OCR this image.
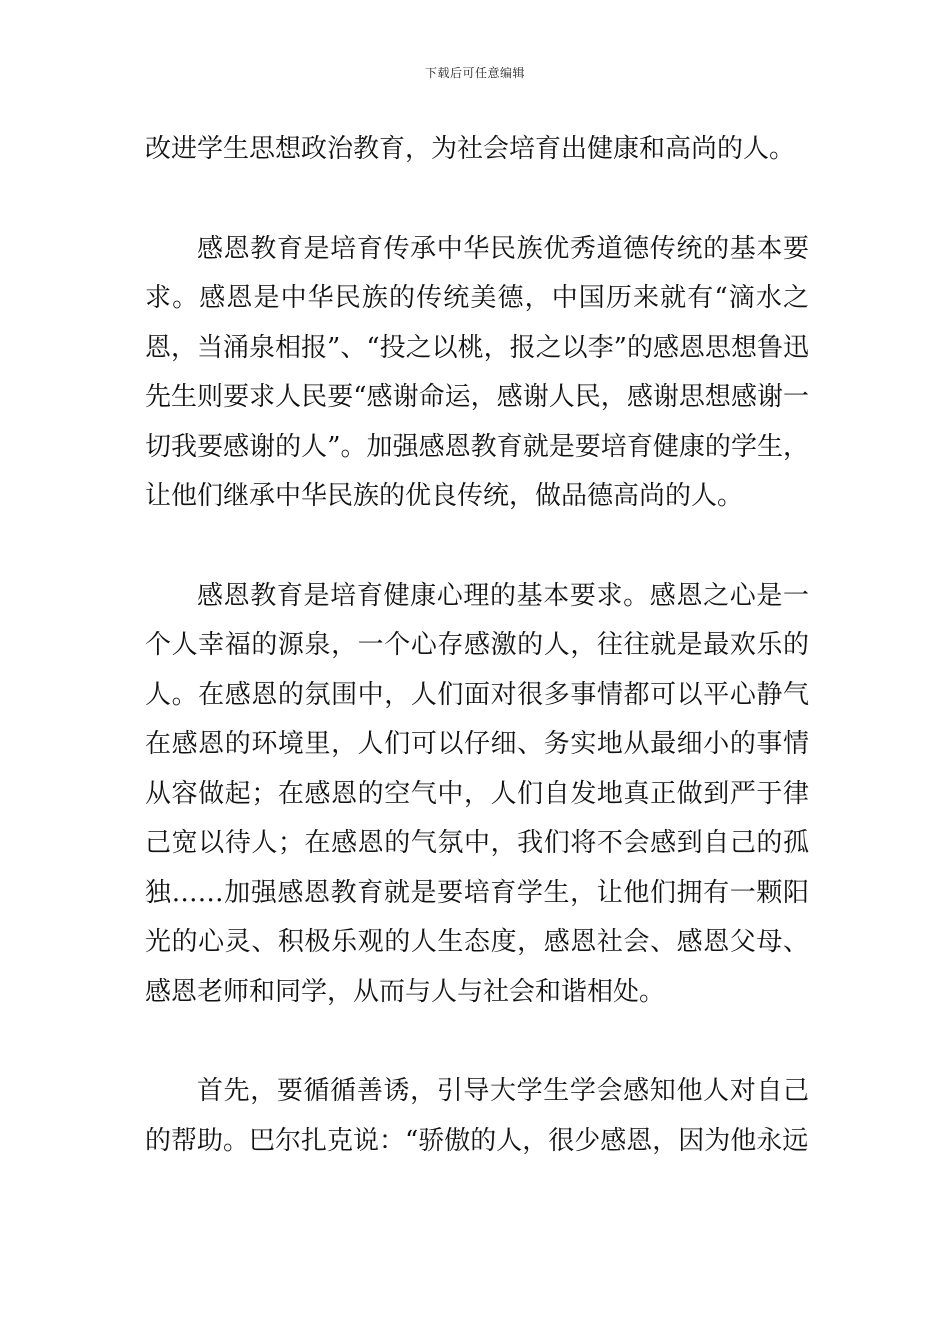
下载后可任意编辑

改进学生思想政治教育，为社会培育出健康和高尚的人。

感恩教育是培育传承中华民族优秀道德传统的基本要求。感恩是中华民族的传统美德，中国历来就有“滴水之恩，当涌泉相报”、“投之以桃，报之以李”的感恩思想鲁迅先生则要求人民要“感谢命运，感谢人民，感谢思想感谢一切我要感谢的人”。加强感恩教育就是要培育健康的学生，让他们继承中华民族的优良传统，做品德高尚的人。

感恩教育是培育健康心理的基本要求。感恩之心是一个人幸福的源泉，一个心存感激的人，往往就是最欢乐的人。在感恩的氛围中，人们面对很多事情都可以平心静气在感恩的环境里，人们可以仔细、务实地从最细小的事情从容做起；在感恩的空气中，人们自发地真正做到严于律己宽以待人；在感恩的气氛中，我们将不会感到自己的孤独……加强感恩教育就是要培育学生，让他们拥有一颗阳光的心灵、积极乐观的人生态度，感恩社会、感恩父母、感恩老师和同学，从而与人与社会和谐相处。

首先，要循循善诱，引导大学生学会感知他人对自己的帮助。巴尔扎克说：“骄傲的人，很少感恩，因为他永远
